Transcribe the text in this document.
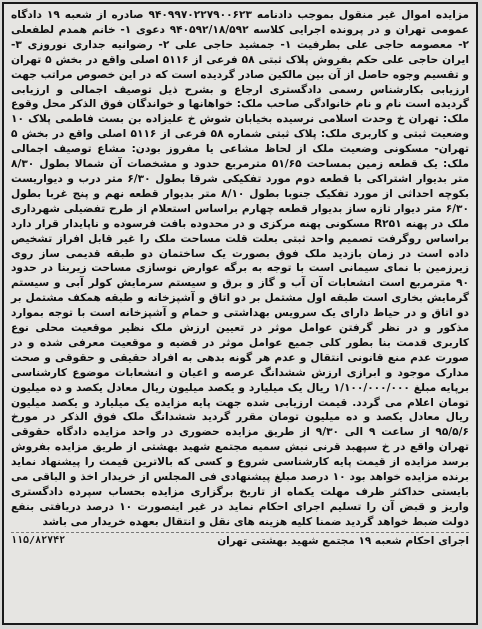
مزایده اموال غیر منقول بموجب دادنامه ۹۴۰۹۹۷۰۲۲۷۹۰۰۶۲۳ صادره از شعبه ۱۹ دادگاه عمومی تهران و در پرونده اجرایی کلاسه ۹۴۰۵۹۲/۱۸/۵۹۲ دعوی ۱- خانم همدم لطفعلی ۲- معصومه حاجی علی بطرفیت ۱- جمشید حاجی علی ۲- رضوانیه جداری نوروزی ۳- ایران حاجی علی حکم بفروش پلاک ثبتی ۵۸ فرعی از ۵۱۱۶ اصلی واقع در بخش ۵ تهران و تقسیم وجوه حاصل از آن بین مالکین صادر گردیده است که در این خصوص مراتب جهت ارزیابی بکارشناس رسمی دادگستری ارجاع و بشرح ذیل توصیف اجمالی و ارزیابی گردیده است نام و نام خانوادگی صاحب ملک: خواهانها و خواندگان فوق الذکر محل وقوع ملک: تهران خ وحدت اسلامی نرسیده بخیابان شوش خ علیزاده بن بست فاطمی پلاک ۱۰ وضعیت ثبتی و کاربری ملک: پلاک ثبتی شماره ۵۸ فرعی از ۵۱۱۶ اصلی واقع در بخش ۵ تهران- مسکونی وضعیت ملک از لحاظ مشاعی یا مفروز بودن: مشاع توصیف اجمالی ملک: یک قطعه زمین بمساحت ۵۱/۶۵ مترمربع حدود و مشخصات آن شمالا بطول ۸/۳۰ متر بدیوار اشتراکی با قطعه دوم مورد تفکیکی شرقا بطول ۶/۳۰ متر درب و دیواریست بکوچه احداثی از مورد تفکیک جنوبا بطول ۸/۱۰ متر بدیوار قطعه نهم و پنج غربا بطول ۶/۳۰ متر دیوار تازه ساز بدیوار قطعه چهارم براساس استعلام از طرح تفضیلی شهرداری ملک در پهنه R۲۵۱ مسکونی پهنه مرکزی و در محدوده بافت فرسوده و ناپایدار قرار دارد براساس روگرفت تصمیم واحد ثبتی بعلت قلت مساحت ملک را غیر قابل افراز تشخیص داده است در زمان بازدید ملک فوق بصورت یک ساختمان دو طبقه قدیمی ساز روی زیرزمین با نمای سیمانی است با توجه به برگه عوارض نوسازی مساحت زیربنا در حدود ۹۰ مترمربع است انشعابات آن آب و گاز و برق و سیستم سرمایش کولر آبی و سیستم گرمایش بخاری است طبقه اول مشتمل بر دو اتاق و آشپزخانه و طبقه همکف مشتمل بر دو اتاق و در حیاط دارای یک سرویس بهداشتی و حمام و آشپزخانه است با توجه بموارد مذکور و در نظر گرفتن عوامل موثر در تعیین ارزش ملک نظیر موقعیت محلی نوع کاربری قدمت بنا بطور کلی جمیع عوامل موثر در قضیه و موقعیت معرفی شده و در صورت عدم منع قانونی انتقال و عدم هر گونه بدهی به افراد حقیقی و حقوقی و صحت مدارک موجود و ابرازی ارزش ششدانگ عرصه و اعیان و انشعابات موضوع کارشناسی برپایه مبلغ ۱/۱۰۰/۰۰۰/۰۰۰ ریال یک میلیارد و یکصد میلیون ریال معادل یکصد و ده میلیون تومان اعلام می گردد. قیمت ارزیابی شده جهت پایه مزایده یک میلیارد و یکصد میلیون ریال معادل یکصد و ده میلیون تومان مقرر گردید ششدانگ ملک فوق الذکر در مورخ ۹۵/۵/۶ از ساعت ۹ الی ۹/۳۰ از طریق مزایده حضوری در واحد مزایده دادگاه حقوقی تهران واقع در خ سپهبد قرنی نبش سمیه مجتمع شهید بهشتی از طریق مزایده بفروش برسد مزایده از قیمت پایه کارشناسی شروع و کسی که بالاترین قیمت را پیشنهاد نماید برنده مزایده خواهد بود ۱۰ درصد مبلغ پیشنهادی فی المجلس از خریدار اخذ و الباقی می بایستی حداکثر ظرف مهلت یکماه از تاریخ برگزاری مزایده بحساب سپرده دادگستری واریز و قبض آن را تسلیم اجرای احکام نماید در غیر اینصورت ۱۰ درصد دریافتی بنفع دولت ضبط خواهد گردید ضمنا کلیه هزینه های نقل و انتقال بعهده خریدار می باشد

اجرای احکام شعبه ۱۹ مجتمع شهید بهشتی تهران
۱۱۵/۸۲۷۴۲
